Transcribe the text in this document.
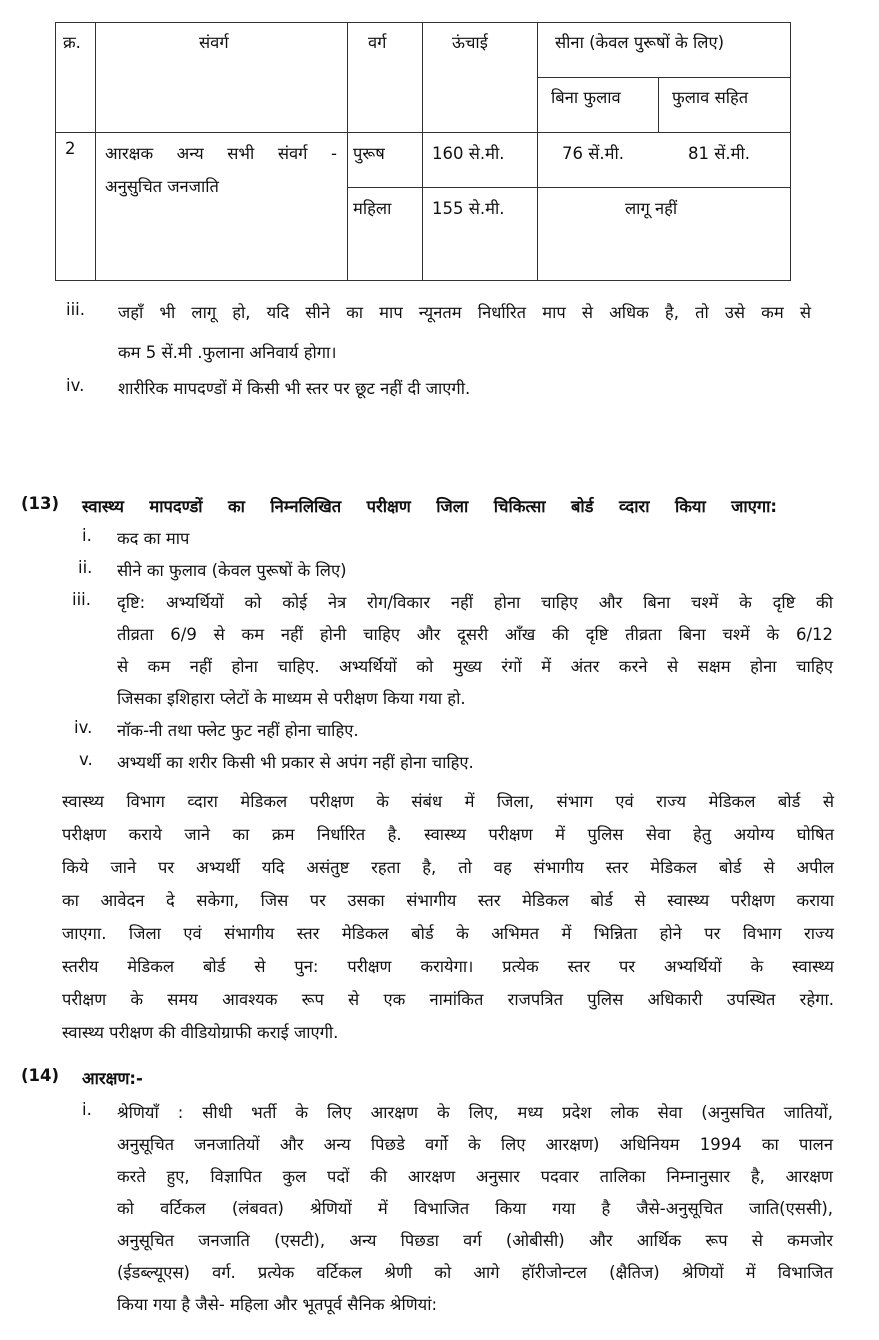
क्र.	संवर्ग	वर्ग	ऊंचाई	सीना (केवल पुरूषों के लिए)
बिना फुलाव	फुलाव सहित
2 आरक्षक अन्य सभी संवर्ग -
अनुसुचित जनजाति
पुरूष	160 से.मी.	76 सें.मी.	81 सें.मी.
महिला 155 से.मी.	लागू नहीं
iii. जहाँ भी लागू हो, यदि सीने का माप न्यूनतम निर्धारित माप से अधिक है, तो उसे कम से
कम 5 सें.मी .फुलाना अनिवार्य होगा।
iv. शारीरिक मापदण्डों में किसी भी स्तर पर छूट नहीं दी जाएगी.
(13) स्वास्थ्य मापदण्डों का निम्नलिखित परीक्षण जिला चिकित्सा बोर्ड व्दारा किया जाएगा:
i. कद का माप
ii. सीने का फुलाव (केवल पुरूषों के लिए)
iii. दृष्टि: अभ्यर्थियों को कोई नेत्र रोग/विकार नहीं होना चाहिए और बिना चश्में के दृष्टि की
तीव्रता 6/9 से कम नहीं होनी चाहिए और दूसरी आँख की दृष्टि तीव्रता बिना चश्में के 6/12
से कम नहीं होना चाहिए. अभ्यर्थियों को मुख्य रंगों में अंतर करने से सक्षम होना चाहिए
जिसका इशिहारा प्लेटों के माध्यम से परीक्षण किया गया हो.
iv. नॉक-नी तथा फ्लेट फुट नहीं होना चाहिए.
v. अभ्यर्थी का शरीर किसी भी प्रकार से अपंग नहीं होना चाहिए.
स्वास्थ्य विभाग व्दारा मेडिकल परीक्षण के संबंध में जिला, संभाग एवं राज्य मेडिकल बोर्ड से
परीक्षण कराये जाने का क्रम निर्धारित है. स्वास्थ्य परीक्षण में पुलिस सेवा हेतु अयोग्य घोषित
किये जाने पर अभ्यर्थी यदि असंतुष्ट रहता है, तो वह संभागीय स्तर मेडिकल बोर्ड से अपील
का आवेदन दे सकेगा, जिस पर उसका संभागीय स्तर मेडिकल बोर्ड से स्वास्थ्य परीक्षण कराया
जाएगा. जिला एवं संभागीय स्तर मेडिकल बोर्ड के अभिमत में भिन्निता होने पर विभाग राज्य
स्तरीय मेडिकल बोर्ड से पुन: परीक्षण करायेगा। प्रत्येक स्तर पर अभ्यर्थियों के स्वास्थ्य
परीक्षण के समय आवश्यक रूप से एक नामांकित राजपत्रित पुलिस अधिकारी उपस्थित रहेगा.
स्वास्थ्य परीक्षण की वीडियोग्राफी कराई जाएगी.
(14) आरक्षण:-
i. श्रेणियाँ : सीधी भर्ती के लिए आरक्षण के लिए, मध्य प्रदेश लोक सेवा (अनुसचित जातियों,
अनुसूचित जनजातियों और अन्य पिछडे वर्गो के लिए आरक्षण) अधिनियम 1994 का पालन
करते हुए, विज्ञापित कुल पदों की आरक्षण अनुसार पदवार तालिका निम्नानुसार है, आरक्षण
को वर्टिकल (लंबवत) श्रेणियों में विभाजित किया गया है जैसे-अनुसूचित जाति(एससी),
अनुसूचित जनजाति (एसटी), अन्य पिछडा वर्ग (ओबीसी) और आर्थिक रूप से कमजोर
(ईडब्ल्यूएस) वर्ग. प्रत्येक वर्टिकल श्रेणी को आगे हॉरीजोन्टल (क्षैतिज) श्रेणियों में विभाजित
किया गया है जैसे- महिला और भूतपूर्व सैनिक श्रेणियां:
